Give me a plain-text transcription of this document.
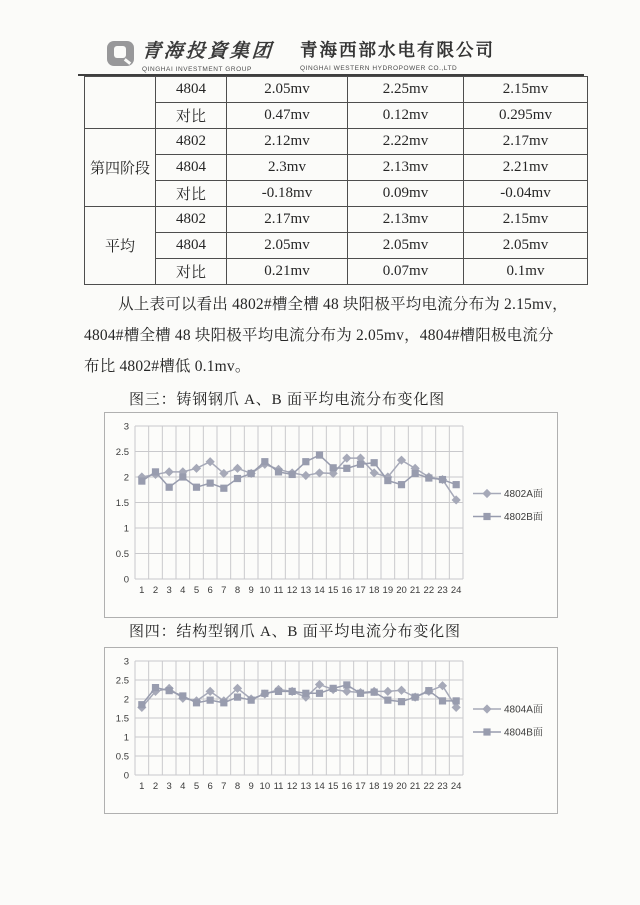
青海投資集团
QINGHAI INVESTMENT GROUP
青海西部水电有限公司
QINGHAI WESTERN HYDROPOWER CO.,LTD
	4804	2.05mv	2.25mv	2.15mv
	对比	0.47mv	0.12mv	0.295mv
第四阶段	4802	2.12mv	2.22mv	2.17mv
	4804	2.3mv	2.13mv	2.21mv
	对比	-0.18mv	0.09mv	-0.04mv
平均	4802	2.17mv	2.13mv	2.15mv
	4804	2.05mv	2.05mv	2.05mv
	对比	0.21mv	0.07mv	0.1mv
从上表可以看出 4802#槽全槽 48 块阳极平均电流分布为 2.15mv，
4804#槽全槽 48 块阳极平均电流分布为 2.05mv，4804#槽阳极电流分
布比 4802#槽低 0.1mv。
图三：铸钢钢爪 A、B 面平均电流分布变化图
3
2.5
2
1.5
1
0.5
0
1 2 3 4 5 6 7 8 9 10 11 12 13 14 15 16 17 18 19 20 21 22 23 24
4802A面
4802B面
图四：结构型钢爪 A、B 面平均电流分布变化图
3
2.5
2
1.5
1
0.5
0
1 2 3 4 5 6 7 8 9 10 11 12 13 14 15 16 17 18 19 20 21 22 23 24
4804A面
4804B面
